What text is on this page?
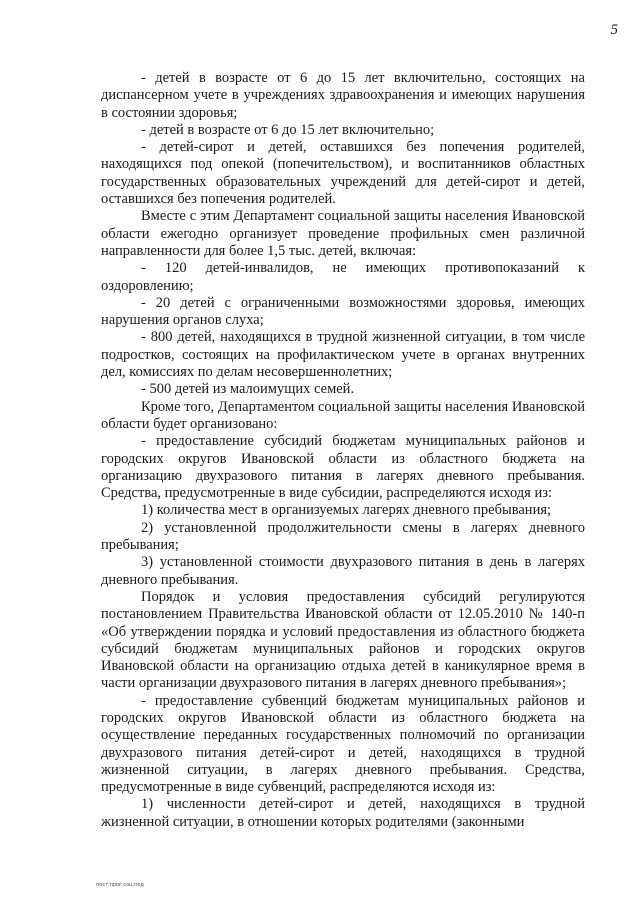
5

- детей в возрасте от 6 до 15 лет включительно, состоящих на диспансерном учете в учреждениях здравоохранения и имеющих нарушения в состоянии здоровья;

- детей в возрасте от 6 до 15 лет включительно;

- детей-сирот и детей, оставшихся без попечения родителей, находящихся под опекой (попечительством), и воспитанников областных государственных образовательных учреждений для детей-сирот и детей, оставшихся без попечения родителей.

Вместе с этим Департамент социальной защиты населения Ивановской области ежегодно организует проведение профильных смен различной направленности для более 1,5 тыс. детей, включая:

- 120 детей-инвалидов, не имеющих противопоказаний к оздоровлению;

- 20 детей с ограниченными возможностями здоровья, имеющих нарушения органов слуха;

- 800 детей, находящихся в трудной жизненной ситуации, в том числе подростков, состоящих на профилактическом учете в органах внутренних дел, комиссиях по делам несовершеннолетних;

- 500 детей из малоимущих семей.

Кроме того, Департаментом социальной защиты населения Ивановской области будет организовано:

- предоставление субсидий бюджетам муниципальных районов и городских округов Ивановской области из областного бюджета на организацию двухразового питания в лагерях дневного пребывания. Средства, предусмотренные в виде субсидии, распределяются исходя из:

1) количества мест в организуемых лагерях дневного пребывания;

2) установленной продолжительности смены в лагерях дневного пребывания;

3) установленной стоимости двухразового питания в день в лагерях дневного пребывания.

Порядок и условия предоставления субсидий регулируются постановлением Правительства Ивановской области от 12.05.2010 № 140-п «Об утверждении порядка и условий предоставления из областного бюджета субсидий бюджетам муниципальных районов и городских округов Ивановской области на организацию отдыха детей в каникулярное время в части организации двухразового питания в лагерях дневного пребывания»;

- предоставление субвенций бюджетам муниципальных районов и городских округов Ивановской области из областного бюджета на осуществление переданных государственных полномочий по организации двухразового питания детей-сирот и детей, находящихся в трудной жизненной ситуации, в лагерях дневного пребывания. Средства, предусмотренные в виде субвенций, распределяются исходя из:

1) численности детей-сирот и детей, находящихся в трудной жизненной ситуации, в отношении которых родителями (законными

пост.прог.соц.под
